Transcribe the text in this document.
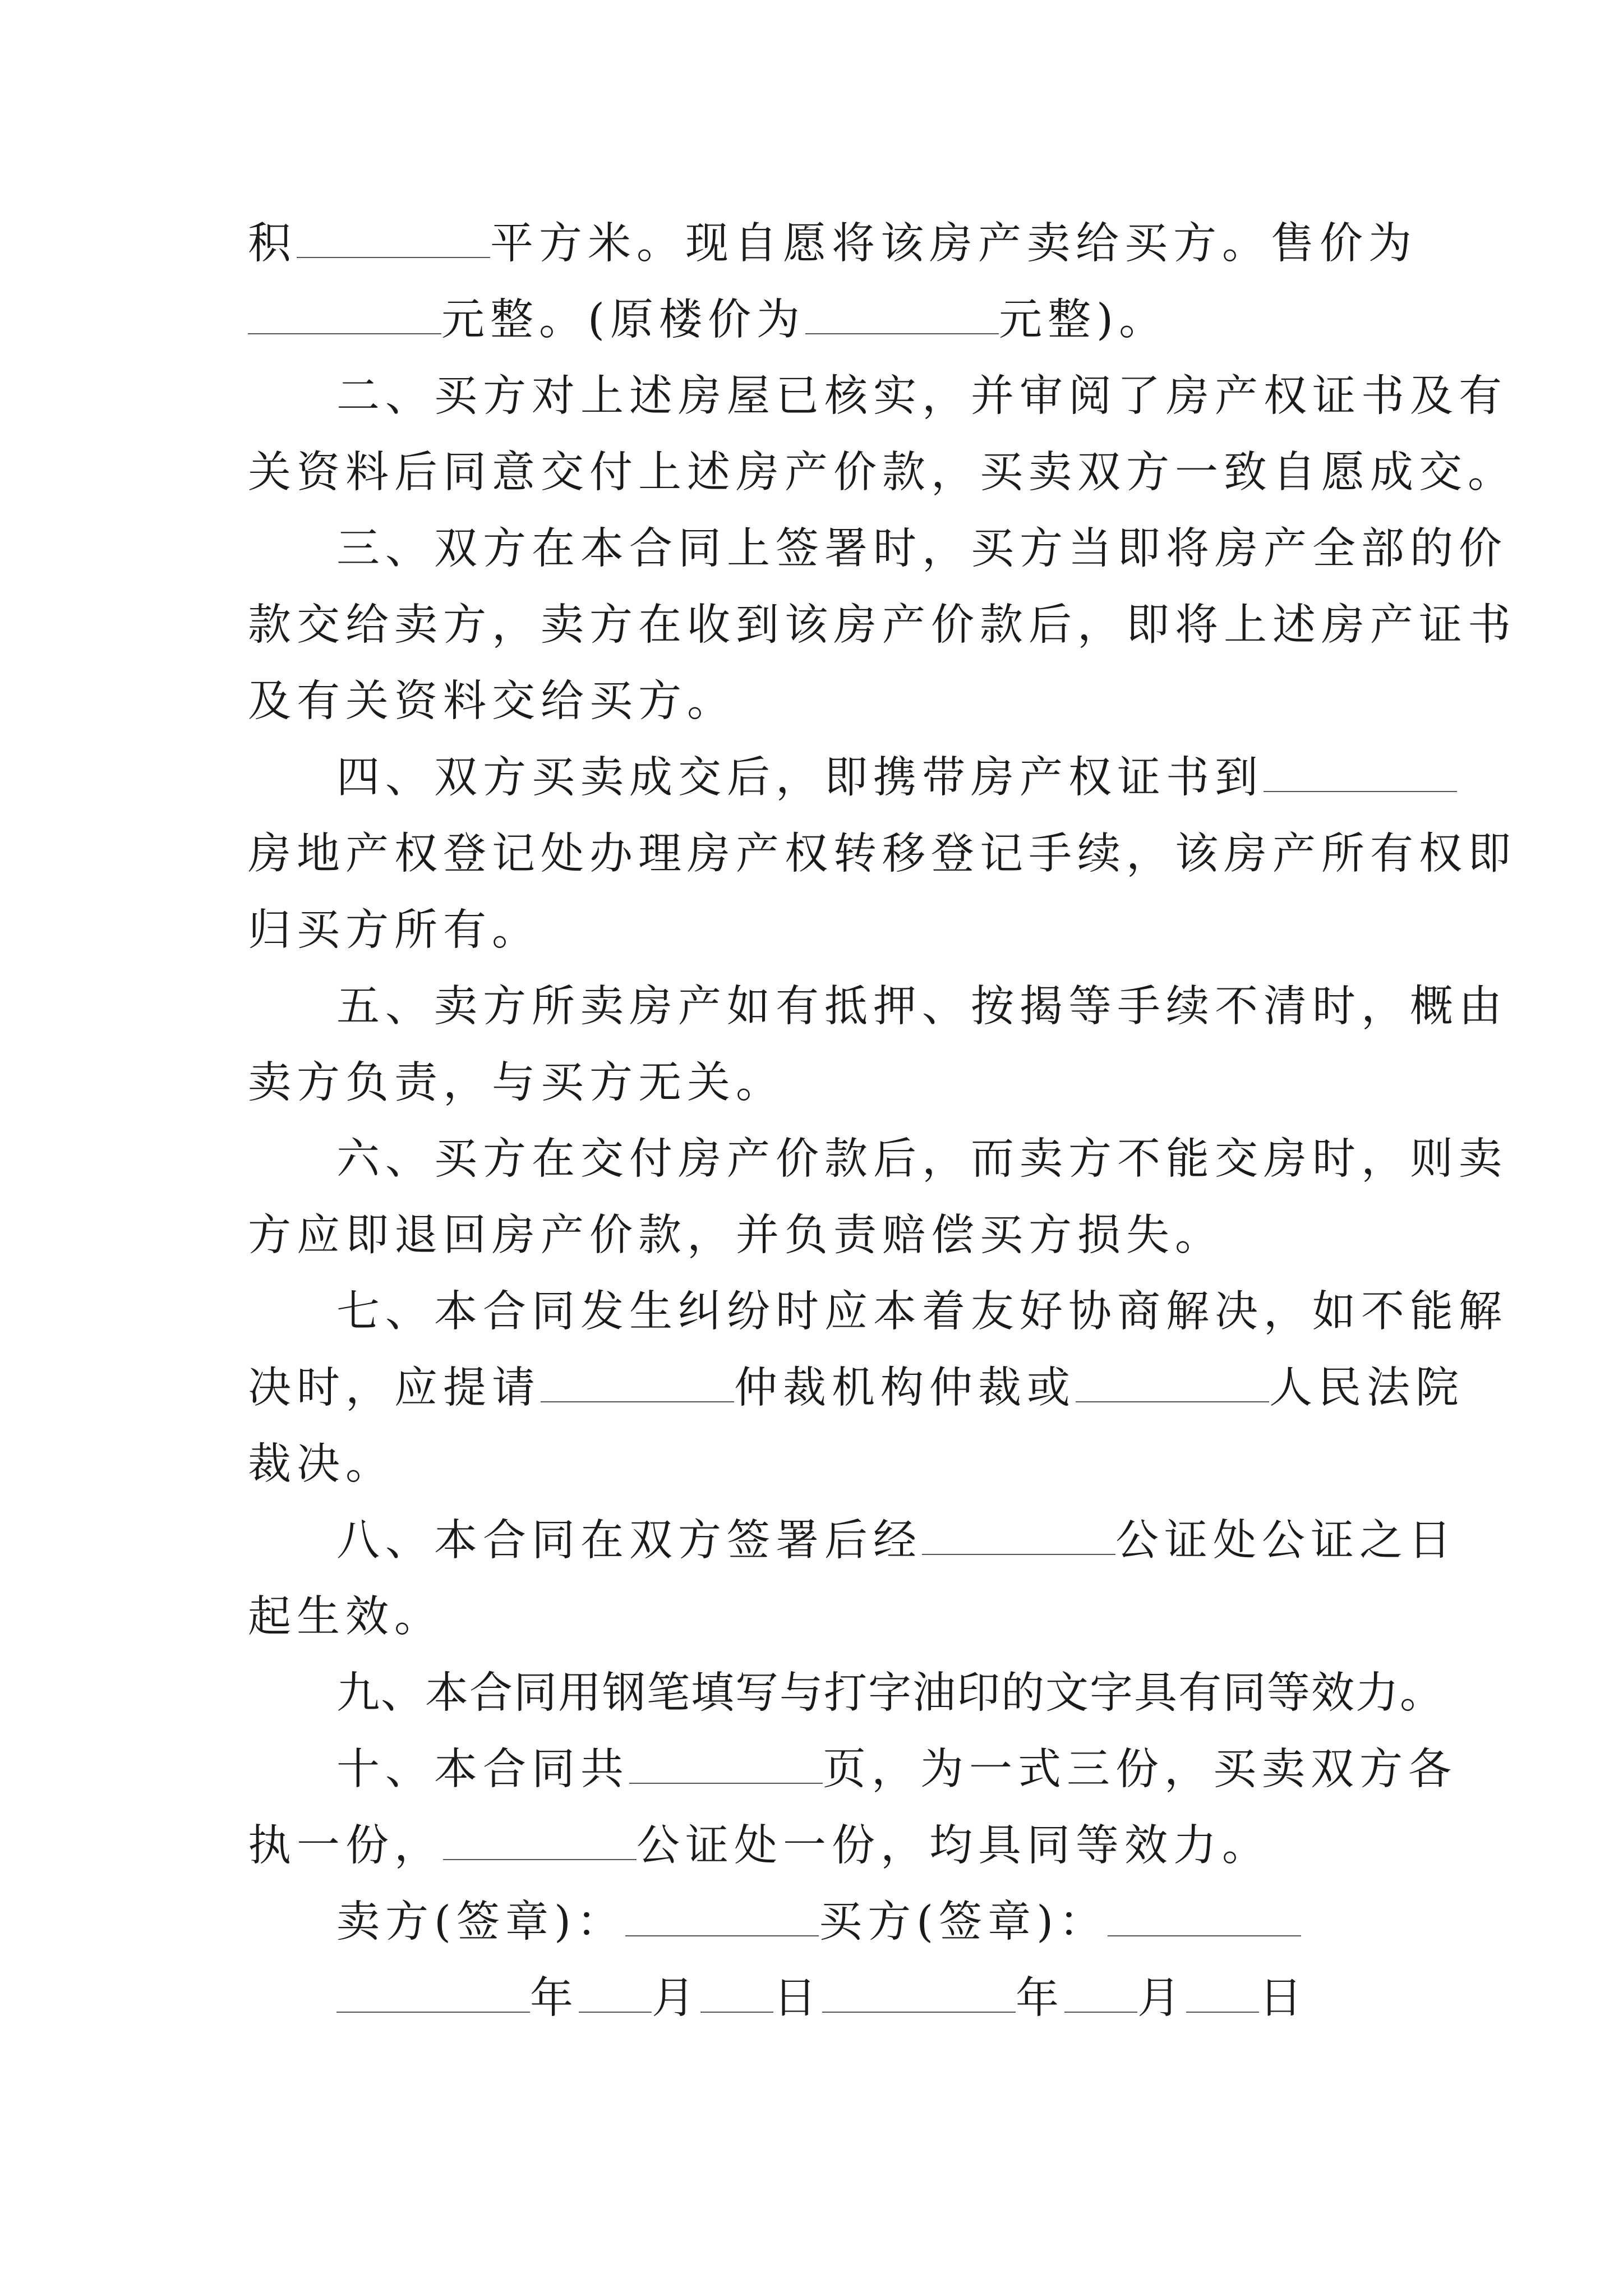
积	平方米。现自愿将该房产卖给买方。售价为
元整。(原楼价为	元整)。
二、买方对上述房屋已核实，并审阅了房产权证书及有
关资料后同意交付上述房产价款，买卖双方一致自愿成交。
三、双方在本合同上签署时，买方当即将房产全部的价
款交给卖方，卖方在收到该房产价款后，即将上述房产证书
及有关资料交给买方。
四、双方买卖成交后，即携带房产权证书到
房地产权登记处办理房产权转移登记手续，该房产所有权即
归买方所有。
五、卖方所卖房产如有抵押、按揭等手续不清时，概由
卖方负责，与买方无关。
六、买方在交付房产价款后，而卖方不能交房时，则卖
方应即退回房产价款，并负责赔偿买方损失。
七、本合同发生纠纷时应本着友好协商解决，如不能解
决时，应提请	仲裁机构仲裁或	人民法院
裁决。
八、本合同在双方签署后经	公证处公证之日
起生效。
九、本合同用钢笔填写与打字油印的文字具有同等效力。
十、本合同共	页，为一式三份，买卖双方各
执一份，	公证处一份，均具同等效力。
卖方(签章)：	买方(签章)：
年 月 日	年 月 日
